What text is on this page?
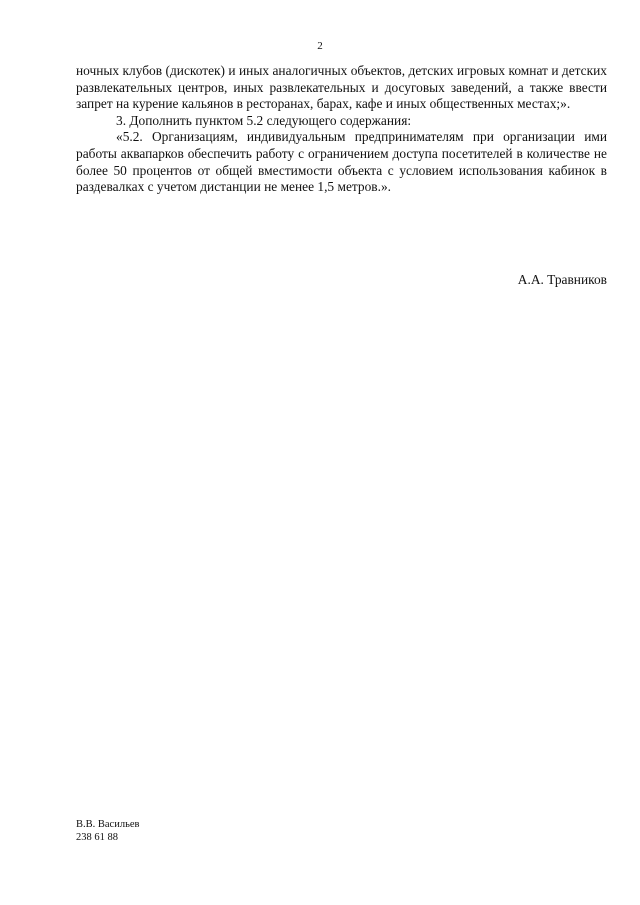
2

ночных клубов (дискотек) и иных аналогичных объектов, детских игровых комнат и детских развлекательных центров, иных развлекательных и досуговых заведений, а также ввести запрет на курение кальянов в ресторанах, барах, кафе и иных общественных местах;».

3. Дополнить пунктом 5.2 следующего содержания:

«5.2. Организациям, индивидуальным предпринимателям при организации ими работы аквапарков обеспечить работу с ограничением доступа посетителей в количестве не более 50 процентов от общей вместимости объекта с условием использования кабинок в раздевалках с учетом дистанции не менее 1,5 метров.».

А.А. Травников
В.В. Васильев
238 61 88
